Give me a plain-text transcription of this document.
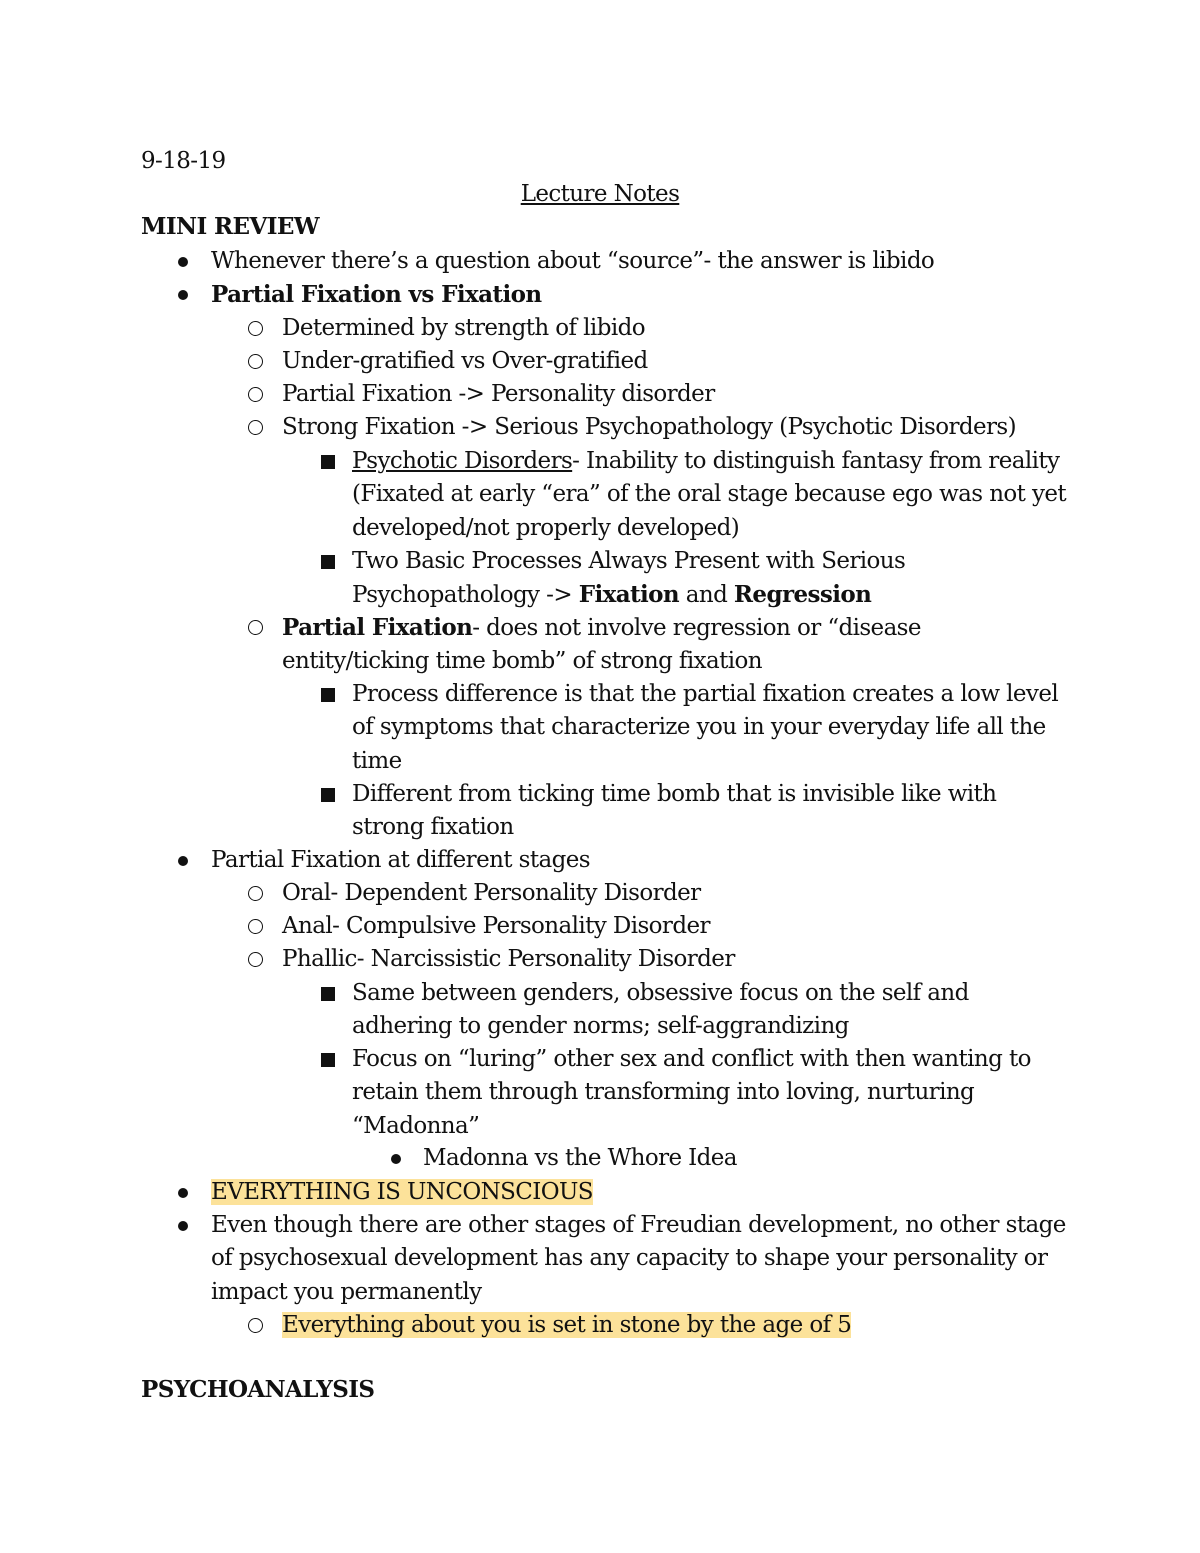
9-18-19
Lecture Notes
MINI REVIEW
Whenever there’s a question about “source”- the answer is libido
Partial Fixation vs Fixation
Determined by strength of libido
Under-gratified vs Over-gratified
Partial Fixation -> Personality disorder
Strong Fixation -> Serious Psychopathology (Psychotic Disorders)
Psychotic Disorders- Inability to distinguish fantasy from reality (Fixated at early “era” of the oral stage because ego was not yet developed/not properly developed)
Two Basic Processes Always Present with Serious Psychopathology -> Fixation and Regression
Partial Fixation- does not involve regression or “disease entity/ticking time bomb” of strong fixation
Process difference is that the partial fixation creates a low level of symptoms that characterize you in your everyday life all the time
Different from ticking time bomb that is invisible like with strong fixation
Partial Fixation at different stages
Oral- Dependent Personality Disorder
Anal- Compulsive Personality Disorder
Phallic- Narcissistic Personality Disorder
Same between genders, obsessive focus on the self and adhering to gender norms; self-aggrandizing
Focus on “luring” other sex and conflict with then wanting to retain them through transforming into loving, nurturing “Madonna”
Madonna vs the Whore Idea
EVERYTHING IS UNCONSCIOUS
Even though there are other stages of Freudian development, no other stage of psychosexual development has any capacity to shape your personality or impact you permanently
Everything about you is set in stone by the age of 5
PSYCHOANALYSIS
